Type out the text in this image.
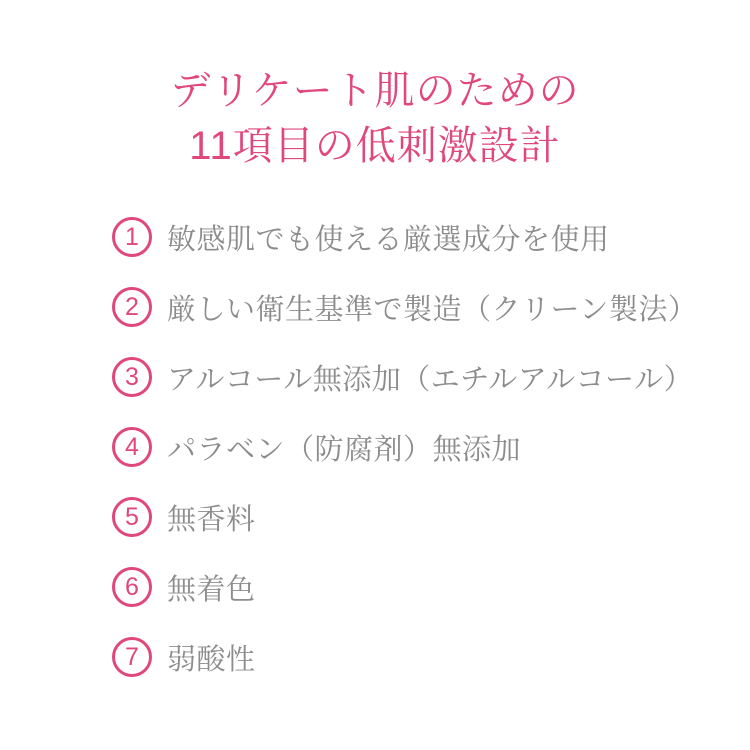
デリケート肌のための
11項目の低刺激設計
1 敏感肌でも使える厳選成分を使用
2 厳しい衛生基準で製造（クリーン製法）
3 アルコール無添加（エチルアルコール）
4 パラベン（防腐剤）無添加
5 無香料
6 無着色
7 弱酸性
